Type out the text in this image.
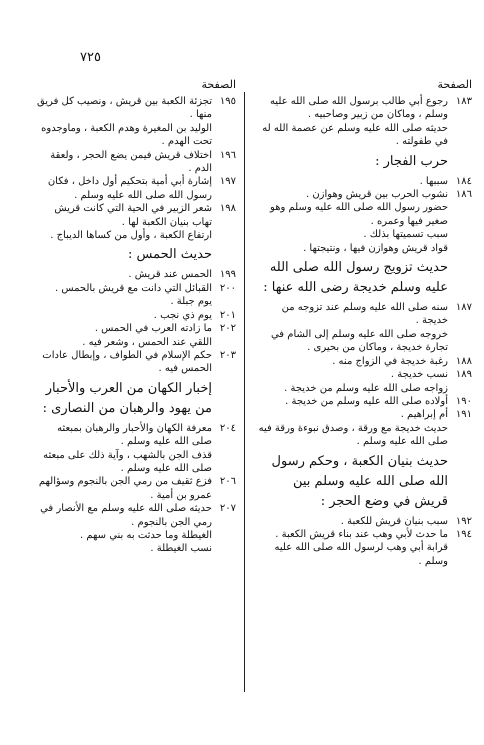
٧٢٥
الصفحة
١٨٣
رجوع أبي طالب برسول الله صلى الله عليه وسلم ، وماكان من زبير وصاحبيه .
حديثه صلى الله عليه وسلم عن عصمة الله له في طفولته .
حرب الفجار :
١٨٤
سببها .
١٨٦
نشوب الحرب بين قريش وهوازن .
حضور رسول الله صلى الله عليه وسلم وهو صغير فيها وعمره .
سبب تسميتها بذلك .
قواد قريش وهوازن فيها ، ونتيجتها .
حديث تزويج رسول الله صلى الله عليه وسلم خديجة رضى الله عنها :
١٨٧
سنه صلى الله عليه وسلم عند تزوجه من خديجة .
خروجه صلى الله عليه وسلم إلى الشام في تجارة خديجة ، وماكان من بحيرى .
١٨٨
رغبة خديجة في الزواج منه .
١٨٩
نسب خديجة .
زواجه صلى الله عليه وسلم من خديجة .
١٩٠
أولاده صلى الله عليه وسلم من خديجة .
١٩١
أم إبراهيم .
حديث خديجة مع ورقة ، وصدق نبوءة ورقة فيه صلى الله عليه وسلم .
حديث بنيان الكعبة ، وحكم رسول الله صلى الله عليه وسلم بين قريش في وضع الحجر :
١٩٢
سبب بنيان قريش للكعبة .
١٩٤
ما حدث لأبي وهب عند بناء قريش الكعبة .
قرابة أبي وهب لرسول الله صلى الله عليه وسلم .
الصفحة
١٩٥
تجزئة الكعبة بين قريش ، ونصيب كل فريق منها .
الوليد بن المغيرة وهدم الكعبة ، وماوجدوه تحت الهدم .
١٩٦
اختلاف قريش فيمن يضع الحجر ، ولعقة الدم .
١٩٧
إشارة أبي أمية بتحكيم أول داخل ، فكان رسول الله صلى الله عليه وسلم .
١٩٨
شعر الزبير في الحية التي كانت قريش تهاب بنيان الكعبة لها .
ارتفاع الكعبة ، وأول من كساها الديباج .
حديث الحمس :
١٩٩
الحمس عند قريش .
٢٠٠
القبائل التي دانت مع قريش بالحمس .
يوم جبلة .
٢٠١
يوم ذي نجب .
٢٠٢
ما زادته العرب في الحمس .
اللقي عند الحمس ، وشعر فيه .
٢٠٣
حكم الإسلام في الطواف ، وإبطال عادات الحمس فيه .
إخبار الكهان من العرب والأحبار من يهود والرهبان من النصارى :
٢٠٤
معرفة الكهان والأحبار والرهبان بمبعثه صلى الله عليه وسلم .
قذف الجن بالشهب ، وآية ذلك على مبعثه صلى الله عليه وسلم .
٢٠٦
فزع ثقيف من رمي الجن بالنجوم وسؤالهم عمرو بن أمية .
٢٠٧
حديثه صلى الله عليه وسلم مع الأنصار في رمي الجن بالنجوم .
الغيطلة وما حدثت به بني سهم .
نسب الغيطلة .
